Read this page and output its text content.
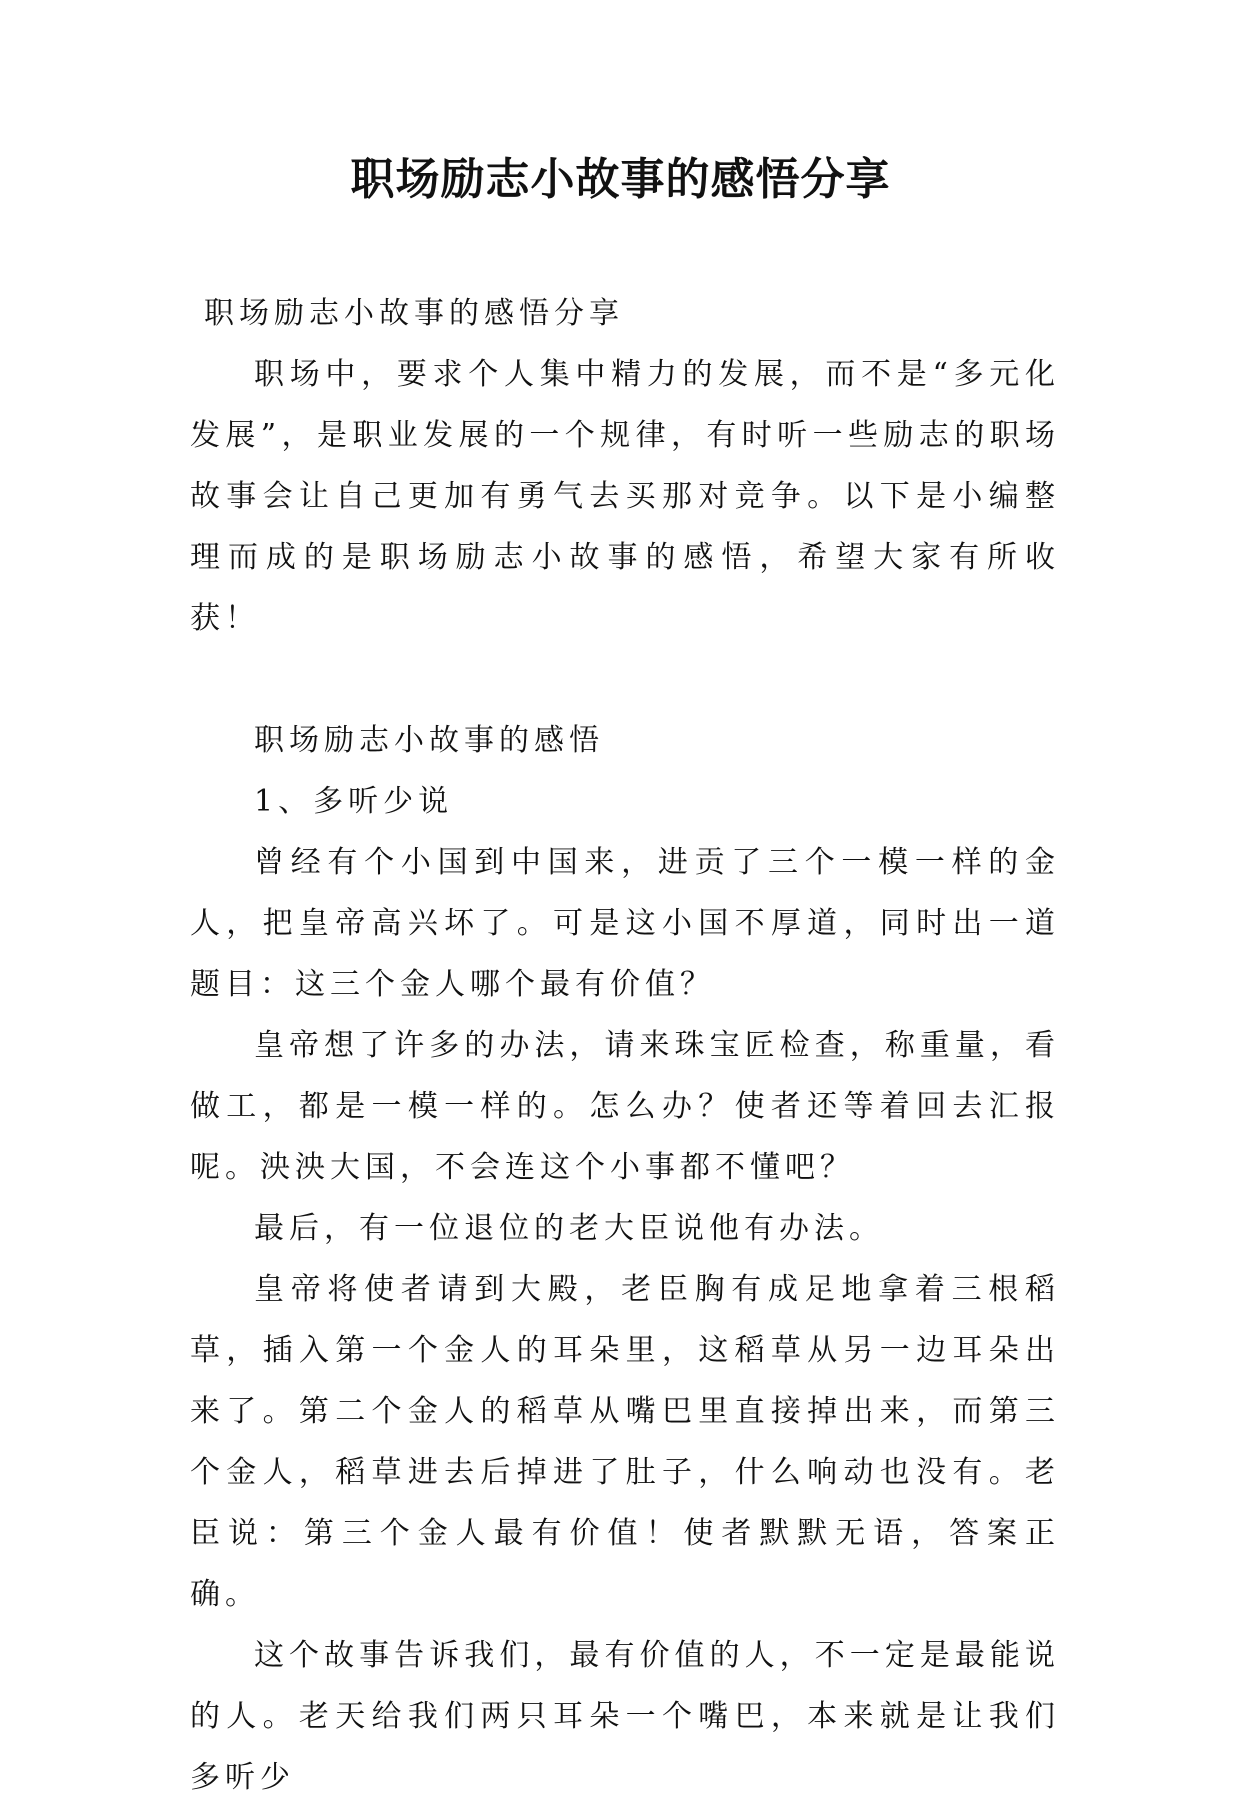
职场励志小故事的感悟分享

职场励志小故事的感悟分享

职场中，要求个人集中精力的发展，而不是“多元化发展”，是职业发展的一个规律，有时听一些励志的职场故事会让自己更加有勇气去买那对竞争。以下是小编整理而成的是职场励志小故事的感悟，希望大家有所收获！

职场励志小故事的感悟

1、多听少说

曾经有个小国到中国来，进贡了三个一模一样的金人，把皇帝高兴坏了。可是这小国不厚道，同时出一道题目：这三个金人哪个最有价值？

皇帝想了许多的办法，请来珠宝匠检查，称重量，看做工，都是一模一样的。怎么办？使者还等着回去汇报呢。泱泱大国，不会连这个小事都不懂吧？

最后，有一位退位的老大臣说他有办法。

皇帝将使者请到大殿，老臣胸有成足地拿着三根稻草，插入第一个金人的耳朵里，这稻草从另一边耳朵出来了。第二个金人的稻草从嘴巴里直接掉出来，而第三个金人，稻草进去后掉进了肚子，什么响动也没有。老臣说：第三个金人最有价值！使者默默无语，答案正确。

这个故事告诉我们，最有价值的人，不一定是最能说的人。老天给我们两只耳朵一个嘴巴，本来就是让我们多听少
